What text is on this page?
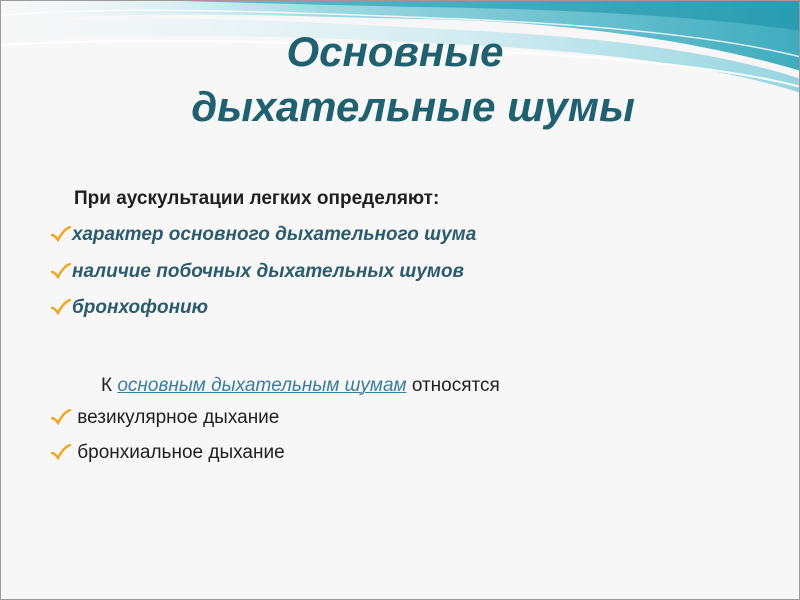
Основные
дыхательные шумы
При аускультации легких определяют:
характер основного дыхательного шума
наличие побочных дыхательных шумов
бронхофонию
К основным дыхательным шумам относятся
везикулярное дыхание
бронхиальное дыхание
